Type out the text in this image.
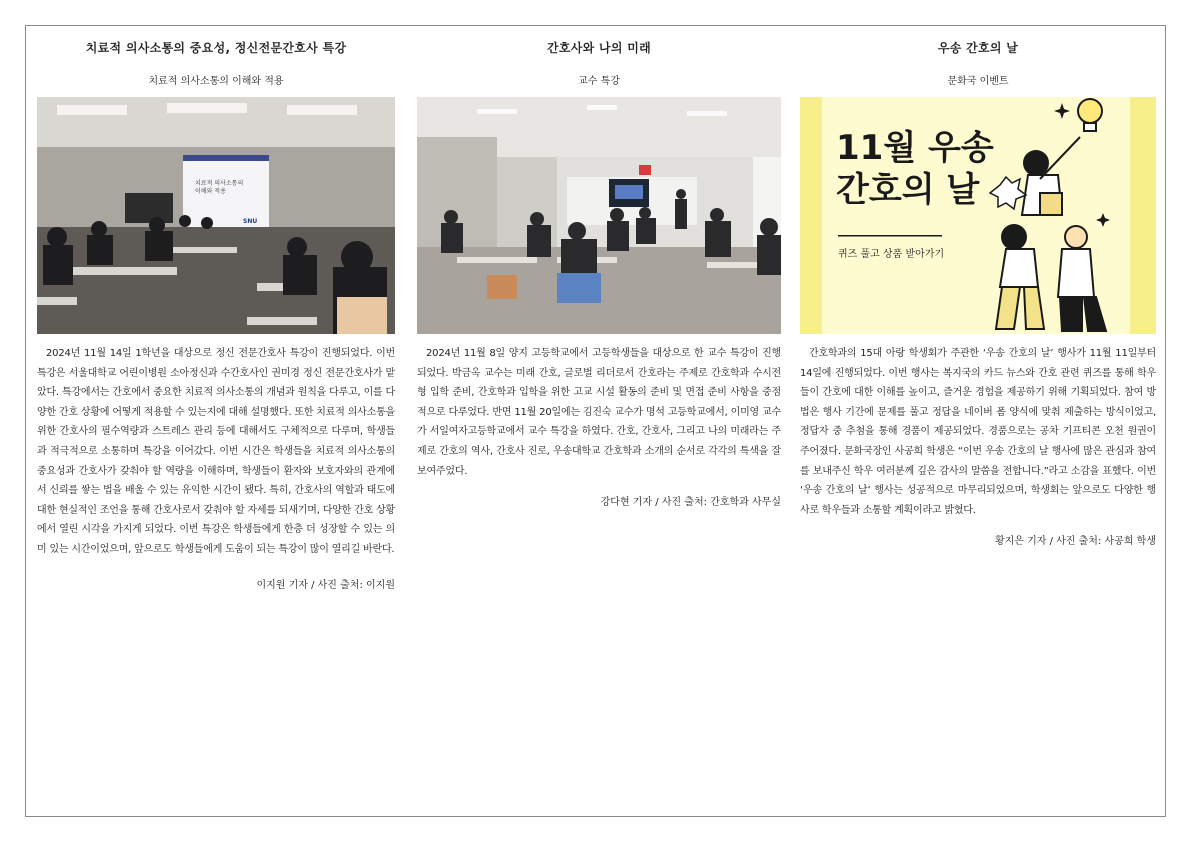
치료적 의사소통의 중요성, 정신전문간호사 특강
치료적 의사소통의 이해와 적용
치료적 의사소통의 이해와 적용
SNU

2024년 11월 14일 1학년을 대상으로 정신 전문간호사 특강이 진행되었다. 이번 특강은 서울대학교 어린이병원 소아정신과 수간호사인 권미경 정신 전문간호사가 맡았다. 특강에서는 간호에서 중요한 치료적 의사소통의 개념과 원칙을 다루고, 이를 다양한 간호 상황에 어떻게 적용할 수 있는지에 대해 설명했다. 또한 치료적 의사소통을 위한 간호사의 필수역량과 스트레스 관리 등에 대해서도 구체적으로 다루며, 학생들과 적극적으로 소통하며 특강을 이어갔다. 이번 시간은 학생들을 치료적 의사소통의 중요성과 간호사가 갖춰야 할 역량을 이해하며, 학생들이 환자와 보호자와의 관계에서 신뢰를 쌓는 법을 배울 수 있는 유익한 시간이 됐다. 특히, 간호사의 역할과 태도에 대한 현실적인 조언을 통해 간호사로서 갖춰야 할 자세를 되새기며, 다양한 간호 상황에서 열린 시각을 가지게 되었다. 이번 특강은 학생들에게 한층 더 성장할 수 있는 의미 있는 시간이었으며, 앞으로도 학생들에게 도움이 되는 특강이 많이 열리길 바란다.

이지원 기자 / 사진 출처: 이지원
간호사와 나의 미래
교수 특강

2024년 11월 8일 양지 고등학교에서 고등학생들을 대상으로 한 교수 특강이 진행되었다. 박금옥 교수는 미래 간호, 글로벌 리더로서 간호라는 주제로 간호학과 수시전형 입학 준비, 간호학과 입학을 위한 고교 시설 활동의 준비 및 면접 준비 사항을 중점적으로 다루었다. 반면 11월 20일에는 김진숙 교수가 명석 고등학교에서, 이미영 교수가 서일여자고등학교에서 교수 특강을 하였다. 간호, 간호사, 그리고 나의 미래라는 주제로 간호의 역사, 간호사 진로, 우송대학교 간호학과 소개의 순서로 각각의 특색을 잘 보여주었다.

강다현 기자 / 사진 출처: 간호학과 사무실
우송 간호의 날
문화국 이벤트
11월 우송
간호의 날
퀴즈 풀고 상품 받아가기

간호학과의 15대 아랑 학생회가 주관한 ‘우송 간호의 날’ 행사가 11월 11일부터 14일에 진행되었다. 이번 행사는 복지국의 카드 뉴스와 간호 관련 퀴즈를 통해 학우들이 간호에 대한 이해를 높이고, 즐거운 경험을 제공하기 위해 기획되었다. 참여 방법은 행사 기간에 문제를 풀고 정답을 네이버 폼 양식에 맞춰 제출하는 방식이었고, 정답자 중 추첨을 통해 경품이 제공되었다. 경품으로는 공차 기프티콘 오천 원권이 주어졌다. 문화국장인 사공희 학생은 “이번 우송 간호의 날 행사에 많은 관심과 참여를 보내주신 학우 여러분께 깊은 감사의 말씀을 전합니다.”라고 소감을 표했다. 이번 ‘우송 간호의 날’ 행사는 성공적으로 마무리되었으며, 학생회는 앞으로도 다양한 행사로 학우들과 소통할 계획이라고 밝혔다.

황지은 기자 / 사진 출처: 사공희 학생
